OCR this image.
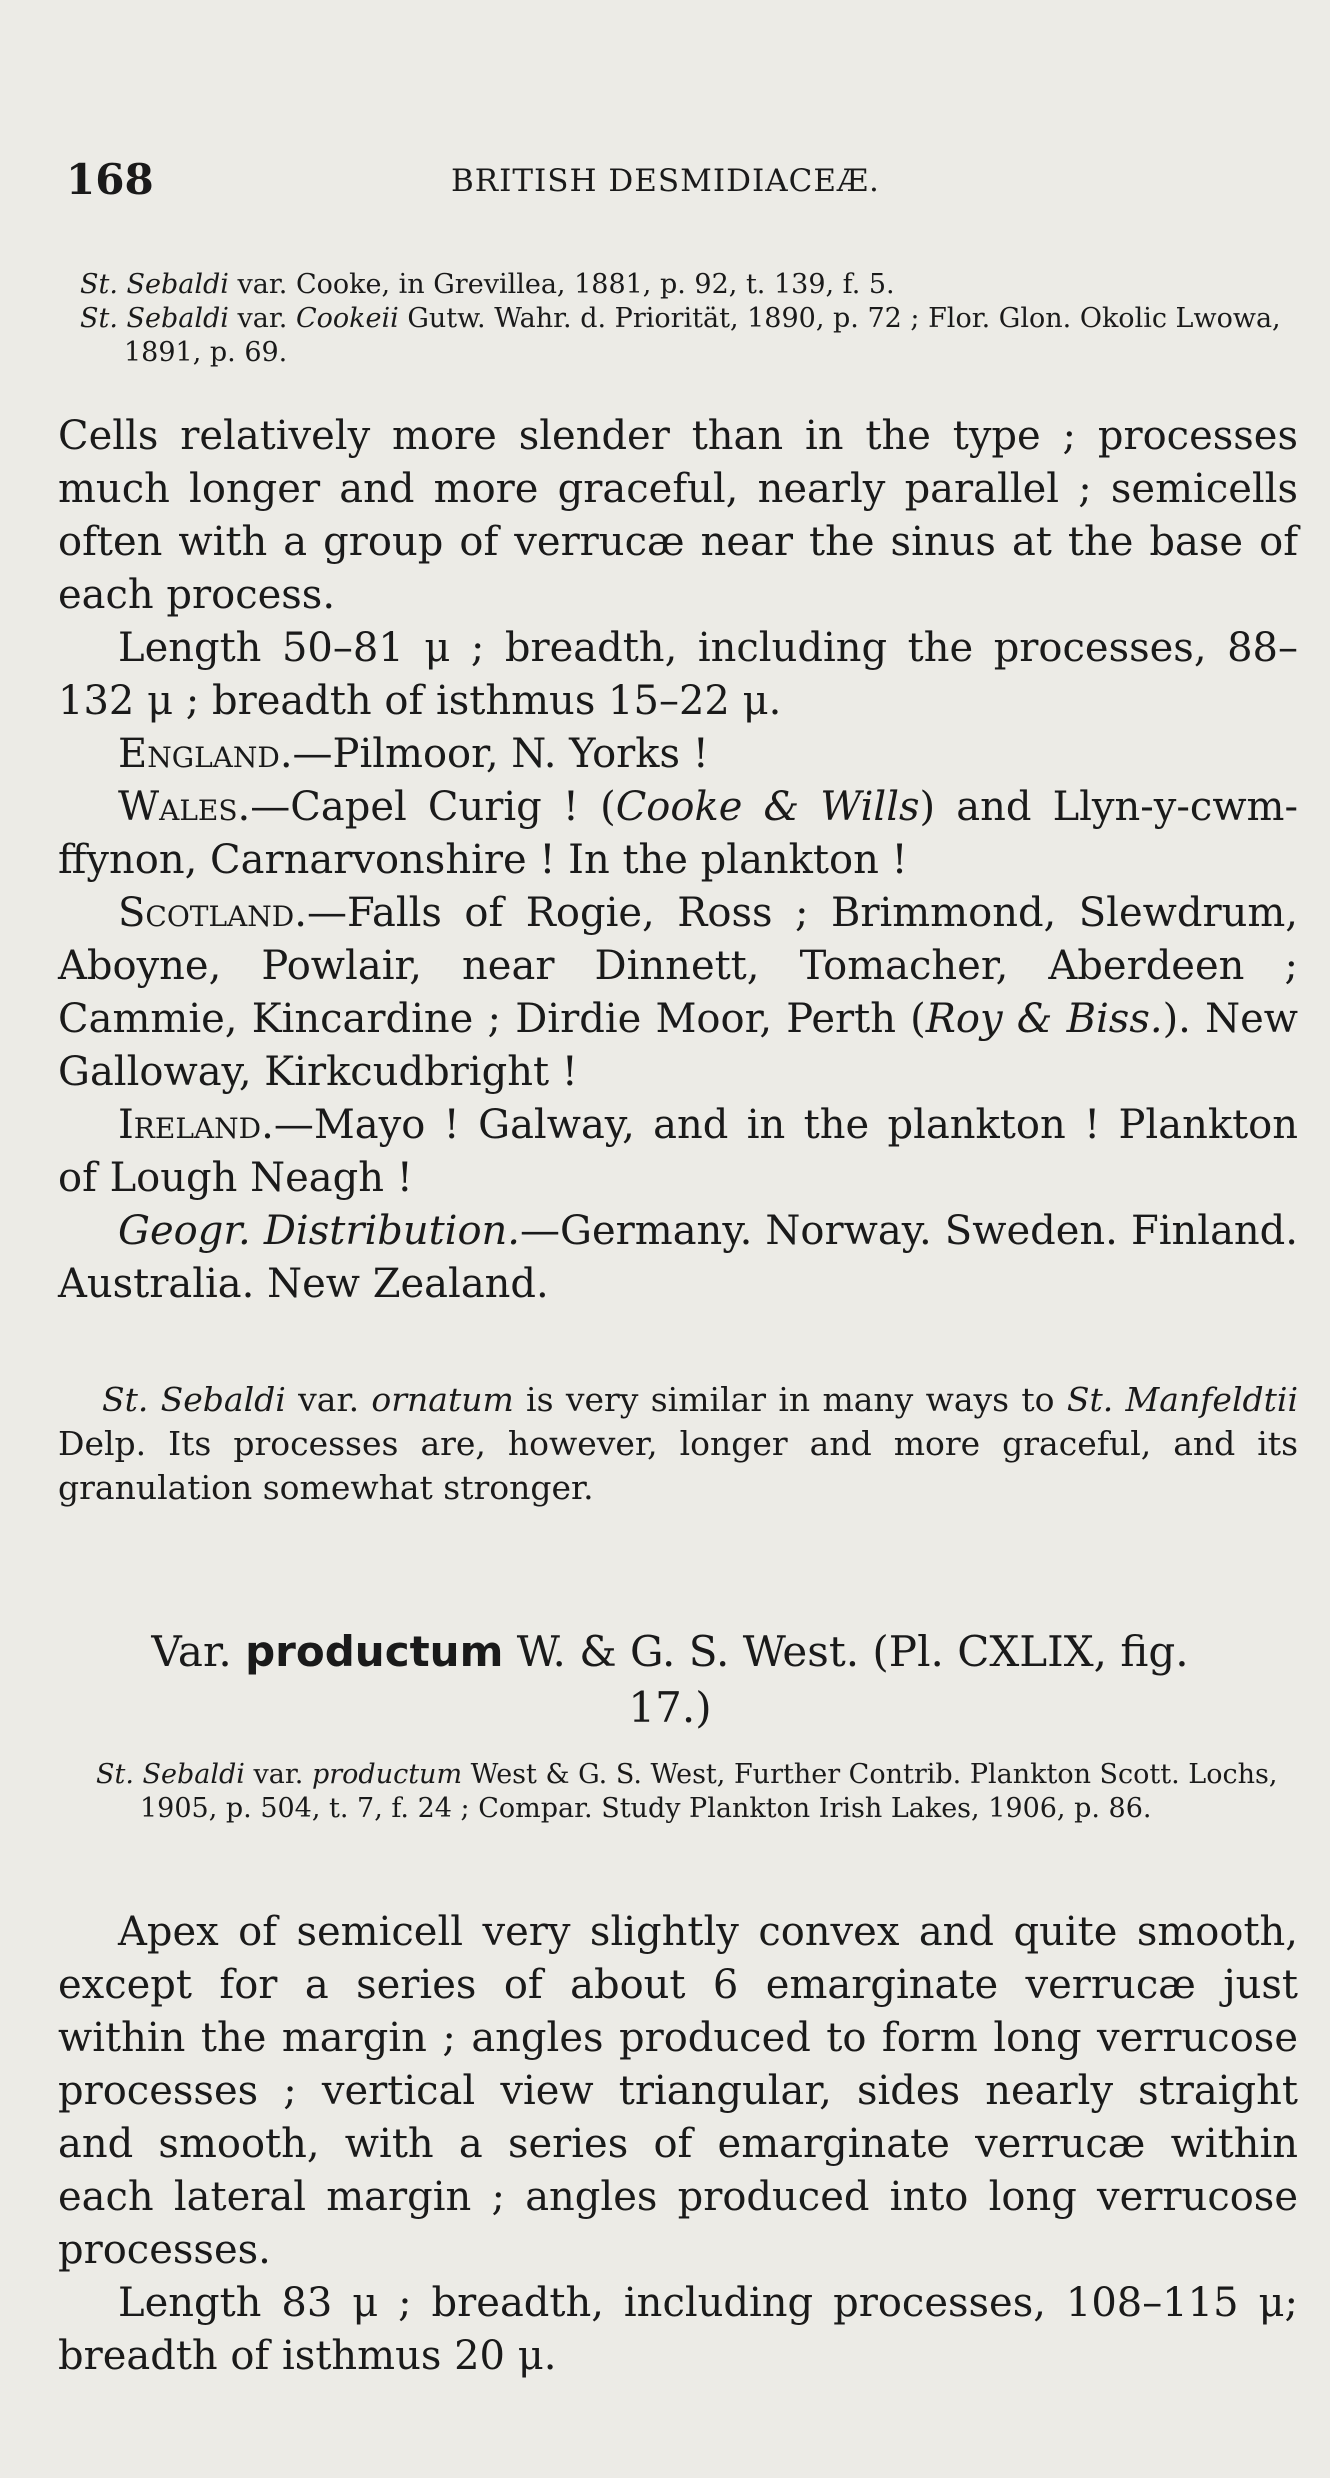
168	BRITISH DESMIDIACEÆ.

St. Sebaldi var. Cooke, in Grevillea, 1881, p. 92, t. 139, f. 5.

St. Sebaldi var. Cookeii Gutw. Wahr. d. Priorität, 1890, p. 72 ; Flor. Glon. Okolic Lwowa, 1891, p. 69.

Cells relatively more slender than in the type ; processes much longer and more graceful, nearly parallel ; semicells often with a group of verrucæ near the sinus at the base of each process.

Length 50–81 μ ; breadth, including the processes, 88–132 μ ; breadth of isthmus 15–22 μ.

England.—Pilmoor, N. Yorks !

Wales.—Capel Curig ! (Cooke & Wills) and Llyn-y-cwm-ffynon, Carnarvonshire ! In the plankton !

Scotland.—Falls of Rogie, Ross ; Brimmond, Slewdrum, Aboyne, Powlair, near Dinnett, Tomacher, Aberdeen ; Cammie, Kincardine ; Dirdie Moor, Perth (Roy & Biss.). New Galloway, Kirkcudbright !

Ireland.—Mayo ! Galway, and in the plankton ! Plankton of Lough Neagh !

Geogr. Distribution.—Germany. Norway. Sweden. Finland. Australia. New Zealand.

St. Sebaldi var. ornatum is very similar in many ways to St. Manfeldtii Delp. Its processes are, however, longer and more graceful, and its granulation somewhat stronger.
Var. productum W. & G. S. West. (Pl. CXLIX, fig. 17.)

St. Sebaldi var. productum West & G. S. West, Further Contrib. Plankton Scott. Lochs, 1905, p. 504, t. 7, f. 24 ; Compar. Study Plankton Irish Lakes, 1906, p. 86.

Apex of semicell very slightly convex and quite smooth, except for a series of about 6 emarginate verrucæ just within the margin ; angles produced to form long verrucose processes ; vertical view triangular, sides nearly straight and smooth, with a series of emarginate verrucæ within each lateral margin ; angles produced into long verrucose processes.

Length 83 μ ; breadth, including processes, 108–115 μ; breadth of isthmus 20 μ.
